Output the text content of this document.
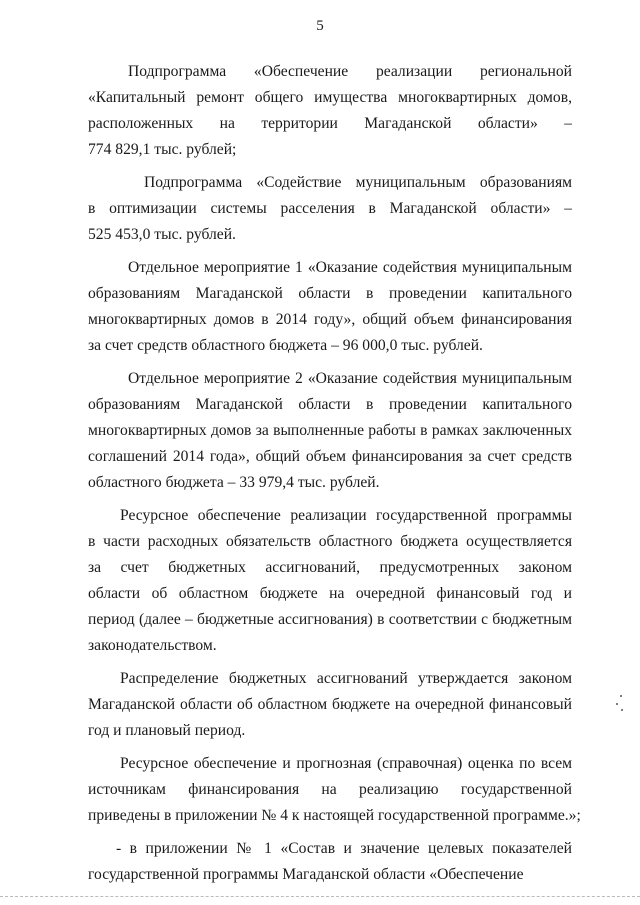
5
Подпрограмма «Обеспечение реализации региональной
«Капитальный ремонт общего имущества многоквартирных домов,
расположенных на территории Магаданской области» –
774 829,1 тыс. рублей;
Подпрограмма «Содействие муниципальным образованиям
в оптимизации системы расселения в Магаданской области» –
525 453,0 тыс. рублей.
Отдельное мероприятие 1 «Оказание содействия муниципальным
образованиям Магаданской области в проведении капитального
многоквартирных домов в 2014 году», общий объем финансирования
за счет средств областного бюджета – 96 000,0 тыс. рублей.
Отдельное мероприятие 2 «Оказание содействия муниципальным
образованиям Магаданской области в проведении капитального
многоквартирных домов за выполненные работы в рамках заключенных
соглашений 2014 года», общий объем финансирования за счет средств
областного бюджета – 33 979,4 тыс. рублей.
Ресурсное обеспечение реализации государственной программы
в части расходных обязательств областного бюджета осуществляется
за счет бюджетных ассигнований, предусмотренных законом
области об областном бюджете на очередной финансовый год и
период (далее – бюджетные ассигнования) в соответствии с бюджетным
законодательством.
Распределение бюджетных ассигнований утверждается законом
Магаданской области об областном бюджете на очередной финансовый
год и плановый период.
Ресурсное обеспечение и прогнозная (справочная) оценка по всем
источникам финансирования на реализацию государственной
приведены в приложении № 4 к настоящей государственной программе.»;
- в приложении № 1 «Состав и значение целевых показателей
государственной программы Магаданской области «Обеспечение
